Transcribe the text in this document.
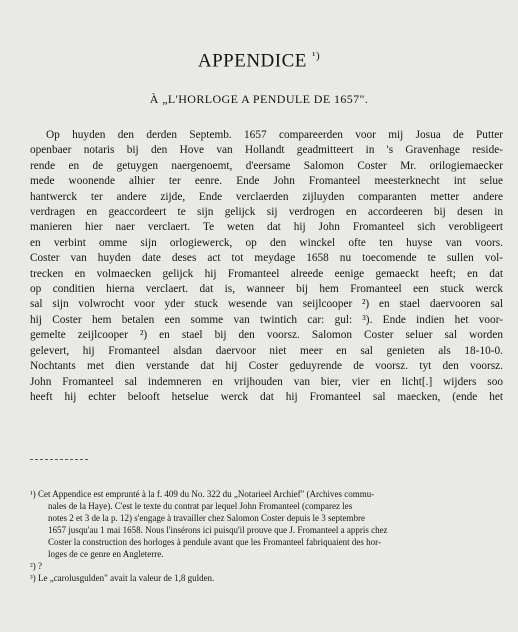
APPENDICE $^{^1)}$
À „L'HORLOGE A PENDULE DE 1657".
Op huyden den derden Septemb. 1657 compareerden voor mij Josua de Putter
openbaer notaris bij den Hove van Hollandt geadmitteert in 's Gravenhage reside-
rende en de getuygen naergenoemt, d'eersame Salomon Coster Mr. orilogiemaecker
mede woonende alhier ter eenre. Ende John Fromanteel meesterknecht int selue
hantwerck ter andere zijde, Ende verclaerden zijluyden comparanten metter andere
verdragen en geaccordeert te sijn gelijck sij verdrogen en accordeeren bij desen in
manieren hier naer verclaert. Te weten dat hij John Fromanteel sich verobligeert
en verbint omme sijn orlogiewerck, op den winckel ofte ten huyse van voors.
Coster van huyden date deses act tot meydage 1658 nu toecomende te sullen vol-
trecken en volmaecken gelijck hij Fromanteel alreede eenige gemaeckt heeft; en dat
op conditien hierna verclaert. dat is, wanneer bij hem Fromanteel een stuck werck
sal sijn volwrocht voor yder stuck wesende van seijlcooper ²) en stael daervooren sal
hij Coster hem betalen een somme van twintich car: gul: ³). Ende indien het voor-
gemelte zeijlcooper ²) en stael bij den voorsz. Salomon Coster seluer sal worden
gelevert, hij Fromanteel alsdan daervoor niet meer en sal genieten als 18-10-0.
Nochtants met dien verstande dat hij Coster geduyrende de voorsz. tyt den voorsz.
John Fromanteel sal indemneren en vrijhouden van bier, vier en licht[.] wijders soo
heeft hij echter belooft hetselue werck dat hij Fromanteel sal maecken, (ende het
¹) Cet Appendice est emprunté à la f. 409 du No. 322 du „Notarieel Archief" (Archives commu-
nales de la Haye). C'est le texte du contrat par lequel John Fromanteel (comparez les
notes 2 et 3 de la p. 12) s'engage à travailler chez Salomon Coster depuis le 3 septembre
1657 jusqu'au 1 mai 1658. Nous l'insérons ici puisqu'il prouve que J. Fromanteel a appris chez
Coster la construction des horloges à pendule avant que les Fromanteel fabriquaient des hor-
loges de ce genre en Angleterre.
²) ?
³) Le „carolusgulden" avait la valeur de 1,8 gulden.
